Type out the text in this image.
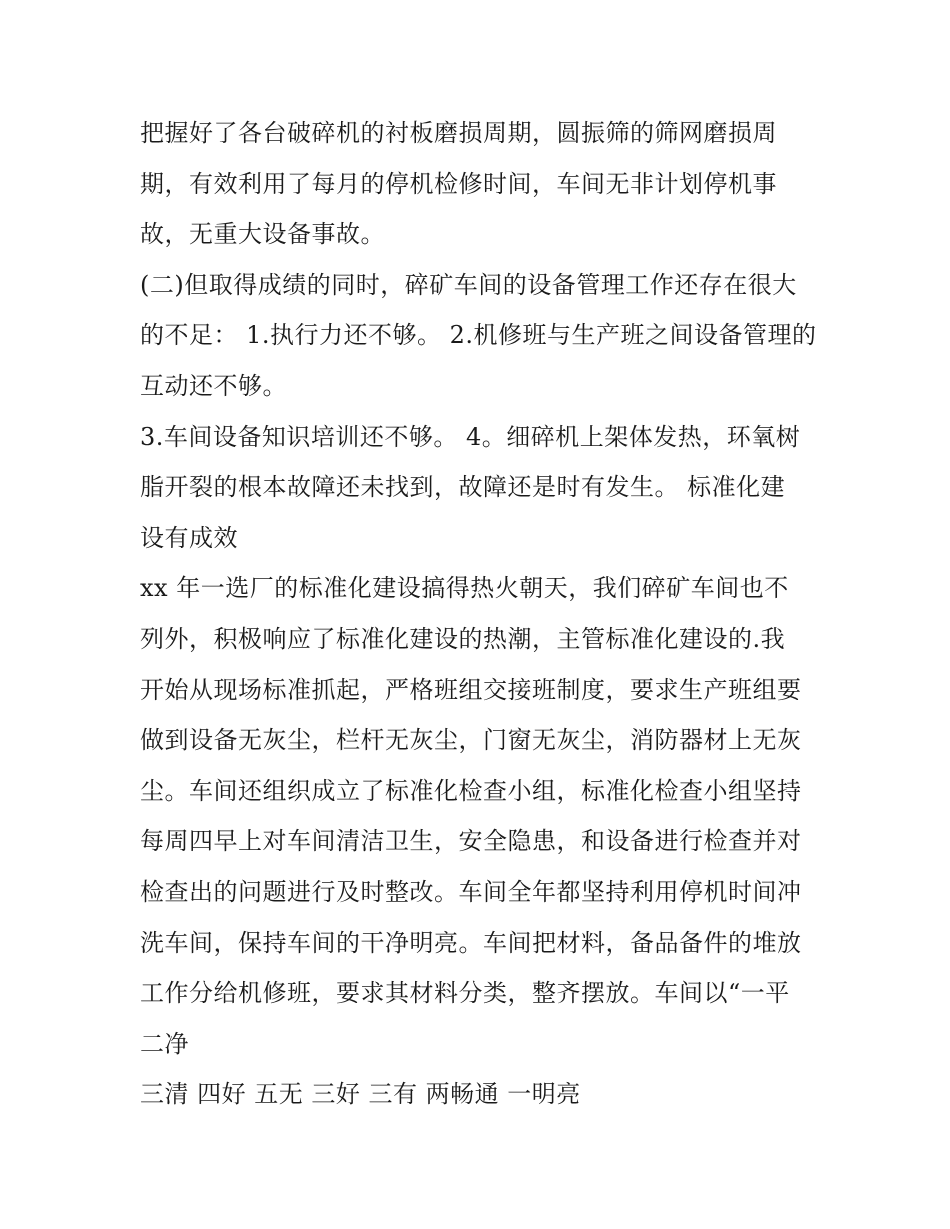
把握好了各台破碎机的衬板磨损周期，圆振筛的筛网磨损周
期，有效利用了每月的停机检修时间，车间无非计划停机事
故，无重大设备事故。
(二)但取得成绩的同时，碎矿车间的设备管理工作还存在很大
的不足： 1.执行力还不够。 2.机修班与生产班之间设备管理的
互动还不够。
3.车间设备知识培训还不够。 4。细碎机上架体发热，环氧树
脂开裂的根本故障还未找到，故障还是时有发生。 标准化建
设有成效
xx 年一选厂的标准化建设搞得热火朝天，我们碎矿车间也不
列外，积极响应了标准化建设的热潮，主管标准化建设的.我
开始从现场标准抓起，严格班组交接班制度，要求生产班组要
做到设备无灰尘，栏杆无灰尘，门窗无灰尘，消防器材上无灰
尘。车间还组织成立了标准化检查小组，标准化检查小组坚持
每周四早上对车间清洁卫生，安全隐患，和设备进行检查并对
检查出的问题进行及时整改。车间全年都坚持利用停机时间冲
洗车间，保持车间的干净明亮。车间把材料，备品备件的堆放
工作分给机修班，要求其材料分类，整齐摆放。车间以“一平
二净
三清 四好 五无 三好 三有 两畅通 一明亮
